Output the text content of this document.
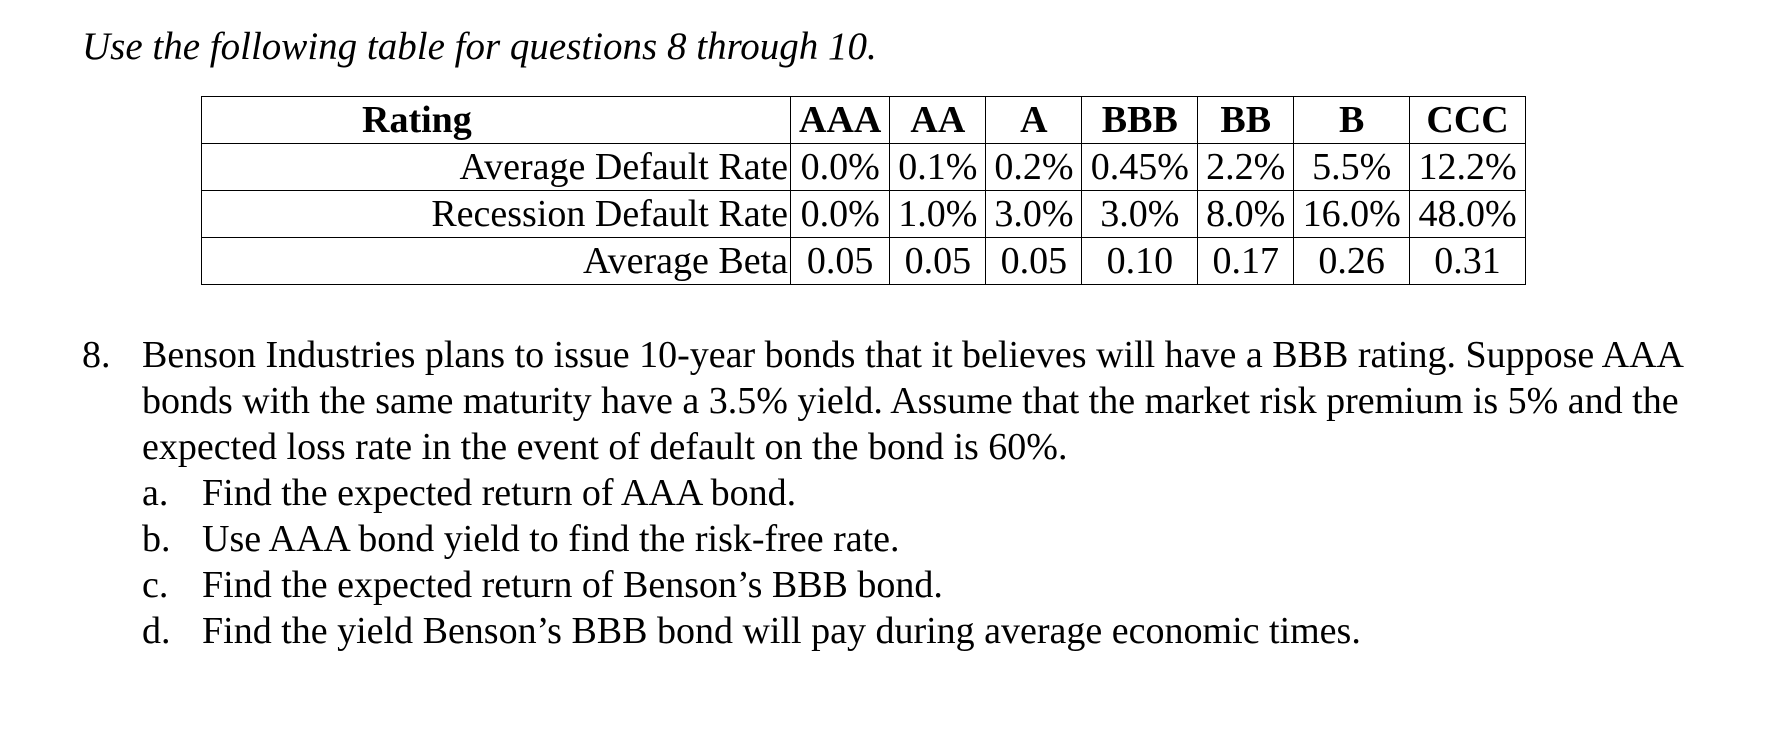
Use the following table for questions 8 through 10.
Rating	AAA	AA	A	BBB	BB	B	CCC
Average Default Rate	0.0%	0.1%	0.2%	0.45%	2.2%	5.5%	12.2%
Recession Default Rate	0.0%	1.0%	3.0%	3.0%	8.0%	16.0%	48.0%
Average Beta	0.05	0.05	0.05	0.10	0.17	0.26	0.31
8. Benson Industries plans to issue 10-year bonds that it believes will have a BBB rating. Suppose AAA bonds with the same maturity have a 3.5% yield. Assume that the market risk premium is 5% and the expected loss rate in the event of default on the bond is 60%.
a. Find the expected return of AAA bond.
b. Use AAA bond yield to find the risk-free rate.
c. Find the expected return of Benson’s BBB bond.
d. Find the yield Benson’s BBB bond will pay during average economic times.
